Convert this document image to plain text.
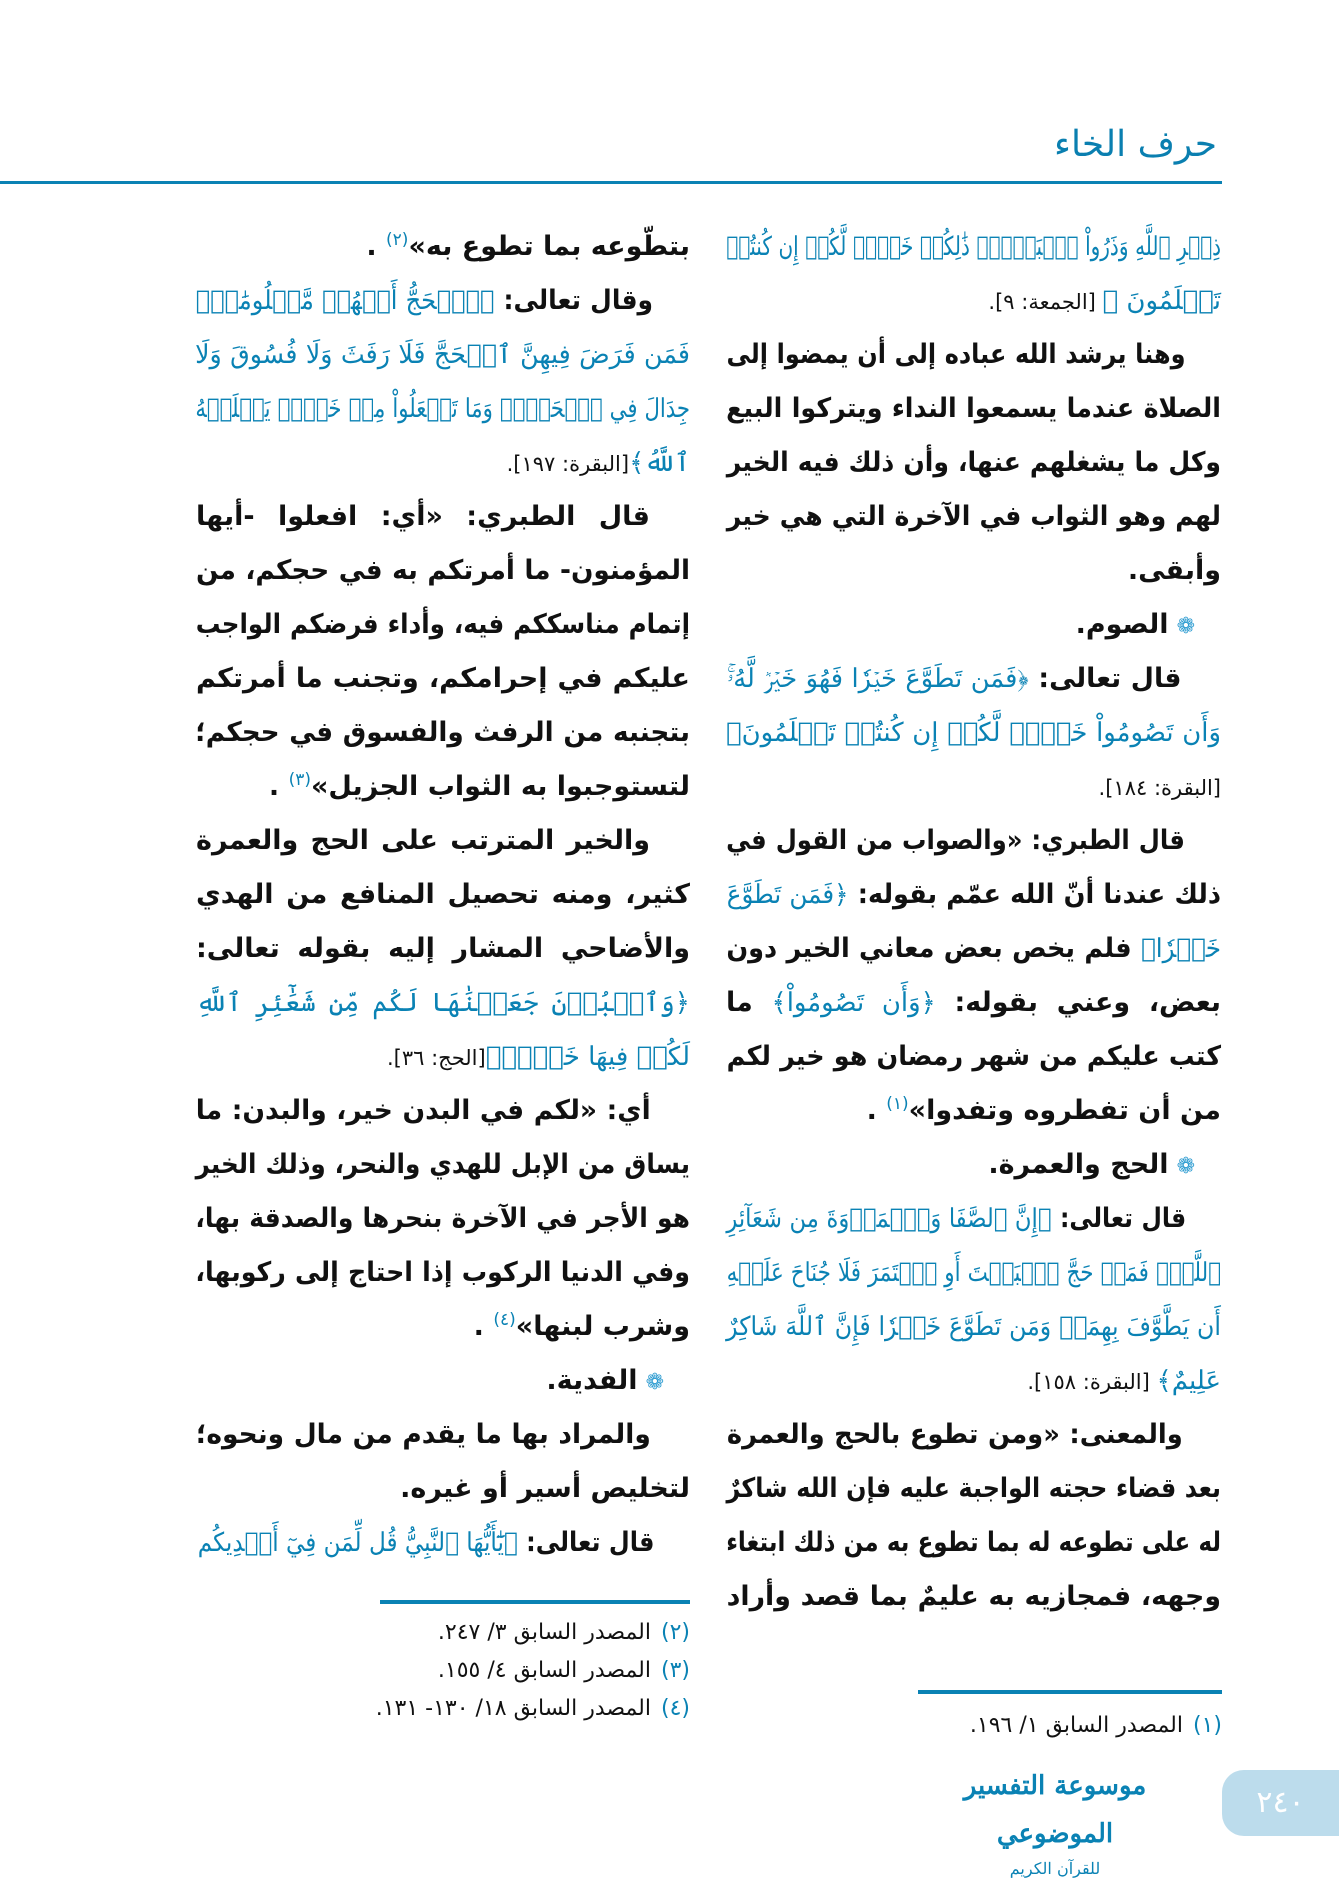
حرف الخاء
ذِكۡرِ ٱللَّهِ وَذَرُواْ ٱلۡبَيۡعَۚ ذَٰلِكُمۡ خَيۡرٞ لَّكُمۡ إِن كُنتُمۡ
تَعۡلَمُونَ ﴾ [الجمعة: ٩].
وهنا يرشد الله عباده إلى أن يمضوا إلى
الصلاة عندما يسمعوا النداء ويتركوا البيع
وكل ما يشغلهم عنها، وأن ذلك فيه الخير
لهم وهو الثواب في الآخرة التي هي خير
وأبقى.
❁الصوم.
قال تعالى: ﴿فَمَن تَطَوَّعَ خَيۡرٗا فَهُوَ خَيۡرٞ لَّهُۥۚ
وَأَن تَصُومُواْ خَيۡرٞ لَّكُمۡ إِن كُنتُمۡ تَعۡلَمُونَ﴾
[البقرة: ١٨٤].
قال الطبري: «والصواب من القول في
ذلك عندنا أنّ الله عمّم بقوله: ﴿فَمَن تَطَوَّعَ
خَيۡرٗا﴾ فلم يخص بعض معاني الخير دون
بعض، وعني بقوله: ﴿وَأَن تَصُومُواْ﴾ ما
كتب عليكم من شهر رمضان هو خير لكم
من أن تفطروه وتفدوا»$^{(١)}$ .
❁الحج والعمرة.
قال تعالى: ﴿إِنَّ ٱلصَّفَا وَٱلۡمَرۡوَةَ مِن شَعَآئِرِ
ٱللَّهِۖ فَمَنۡ حَجَّ ٱلۡبَيۡتَ أَوِ ٱعۡتَمَرَ فَلَا جُنَاحَ عَلَيۡهِ
أَن يَطَّوَّفَ بِهِمَاۚ وَمَن تَطَوَّعَ خَيۡرٗا فَإِنَّ ٱللَّهَ شَاكِرٌ
عَلِيمٌ﴾ [البقرة: ١٥٨].
والمعنى: «ومن تطوع بالحج والعمرة
بعد قضاء حجته الواجبة عليه فإن الله شاكرٌ
له على تطوعه له بما تطوع به من ذلك ابتغاء
وجهه، فمجازيه به عليمٌ بما قصد وأراد
بتطّوعه بما تطوع به»$^{(٢)}$ .
وقال تعالى: ﴿ٱلۡحَجُّ أَشۡهُرٞ مَّعۡلُومَٰتٞۚ
فَمَن فَرَضَ فِيهِنَّ ٱلۡحَجَّ فَلَا رَفَثَ وَلَا فُسُوقَ وَلَا
جِدَالَ فِي ٱلۡحَجِّۗ وَمَا تَفۡعَلُواْ مِنۡ خَيۡرٖ يَعۡلَمۡهُ
ٱللَّهُ﴾[البقرة: ١٩٧].
قال الطبري: «أي: افعلوا -أيها
المؤمنون- ما أمرتكم به في حجكم، من
إتمام مناسككم فيه، وأداء فرضكم الواجب
عليكم في إحرامكم، وتجنب ما أمرتكم
بتجنبه من الرفث والفسوق في حجكم؛
لتستوجبوا به الثواب الجزيل»$^{(٣)}$ .
والخير المترتب على الحج والعمرة
كثير، ومنه تحصيل المنافع من الهدي
والأضاحي المشار إليه بقوله تعالى:
﴿وَٱلۡبُدۡنَ جَعَلۡنَٰهَا لَكُم مِّن شَعَٰٓئِرِ ٱللَّهِ
لَكُمۡ فِيهَا خَيۡرٞ﴾[الحج: ٣٦].
أي: «لكم في البدن خير، والبدن: ما
يساق من الإبل للهدي والنحر، وذلك الخير
هو الأجر في الآخرة بنحرها والصدقة بها،
وفي الدنيا الركوب إذا احتاج إلى ركوبها،
وشرب لبنها»$^{(٤)}$ .
❁الفدية.
والمراد بها ما يقدم من مال ونحوه؛
لتخليص أسير أو غيره.
قال تعالى: ﴿يَٰٓأَيُّهَا ٱلنَّبِيُّ قُل لِّمَن فِيٓ أَيۡدِيكُم
(١)المصدر السابق ١/ ١٩٦.
(٢)المصدر السابق ٣/ ٢٤٧.
(٣)المصدر السابق ٤/ ١٥٥.
(٤)المصدر السابق ١٨/ ١٣٠- ١٣١.
موسوعة التفسير الموضوعي
للقرآن الكريم
٢٤٠
